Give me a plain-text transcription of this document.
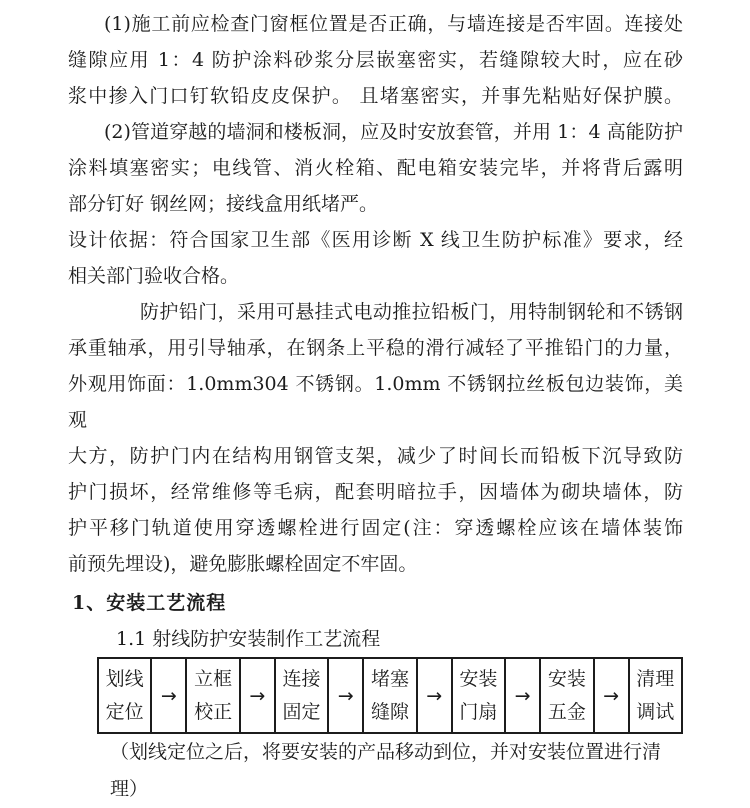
(1)施工前应检查门窗框位置是否正确，与墙连接是否牢固。连接处
缝隙应用 1：4 防护涂料砂浆分层嵌塞密实，若缝隙较大时，应在砂
浆中掺入门口钉软铅皮皮保护。 且堵塞密实，并事先粘贴好保护膜。
(2)管道穿越的墙洞和楼板洞，应及时安放套管，并用 1：4 高能防护
涂料填塞密实；电线管、消火栓箱、配电箱安装完毕，并将背后露明
部分钉好 钢丝网；接线盒用纸堵严。
设计依据：符合国家卫生部《医用诊断 X 线卫生防护标准》要求，经
相关部门验收合格。
防护铅门，采用可悬挂式电动推拉铅板门，用特制钢轮和不锈钢
承重轴承，用引导轴承，在钢条上平稳的滑行减轻了平推铅门的力量，
外观用饰面：1.0mm304 不锈钢。1.0mm 不锈钢拉丝板包边装饰，美观
大方，防护门内在结构用钢管支架，减少了时间长而铅板下沉导致防
护门损坏，经常维修等毛病，配套明暗拉手，因墙体为砌块墙体，防
护平移门轨道使用穿透螺栓进行固定(注：穿透螺栓应该在墙体装饰
前预先埋设)，避免膨胀螺栓固定不牢固。
1、安装工艺流程
1.1 射线防护安装制作工艺流程
划线
定位
→
立框
校正
→
连接
固定
→
堵塞
缝隙
→
安装
门扇
→
安装
五金
→
清理
调试
（划线定位之后，将要安装的产品移动到位，并对安装位置进行清理）
